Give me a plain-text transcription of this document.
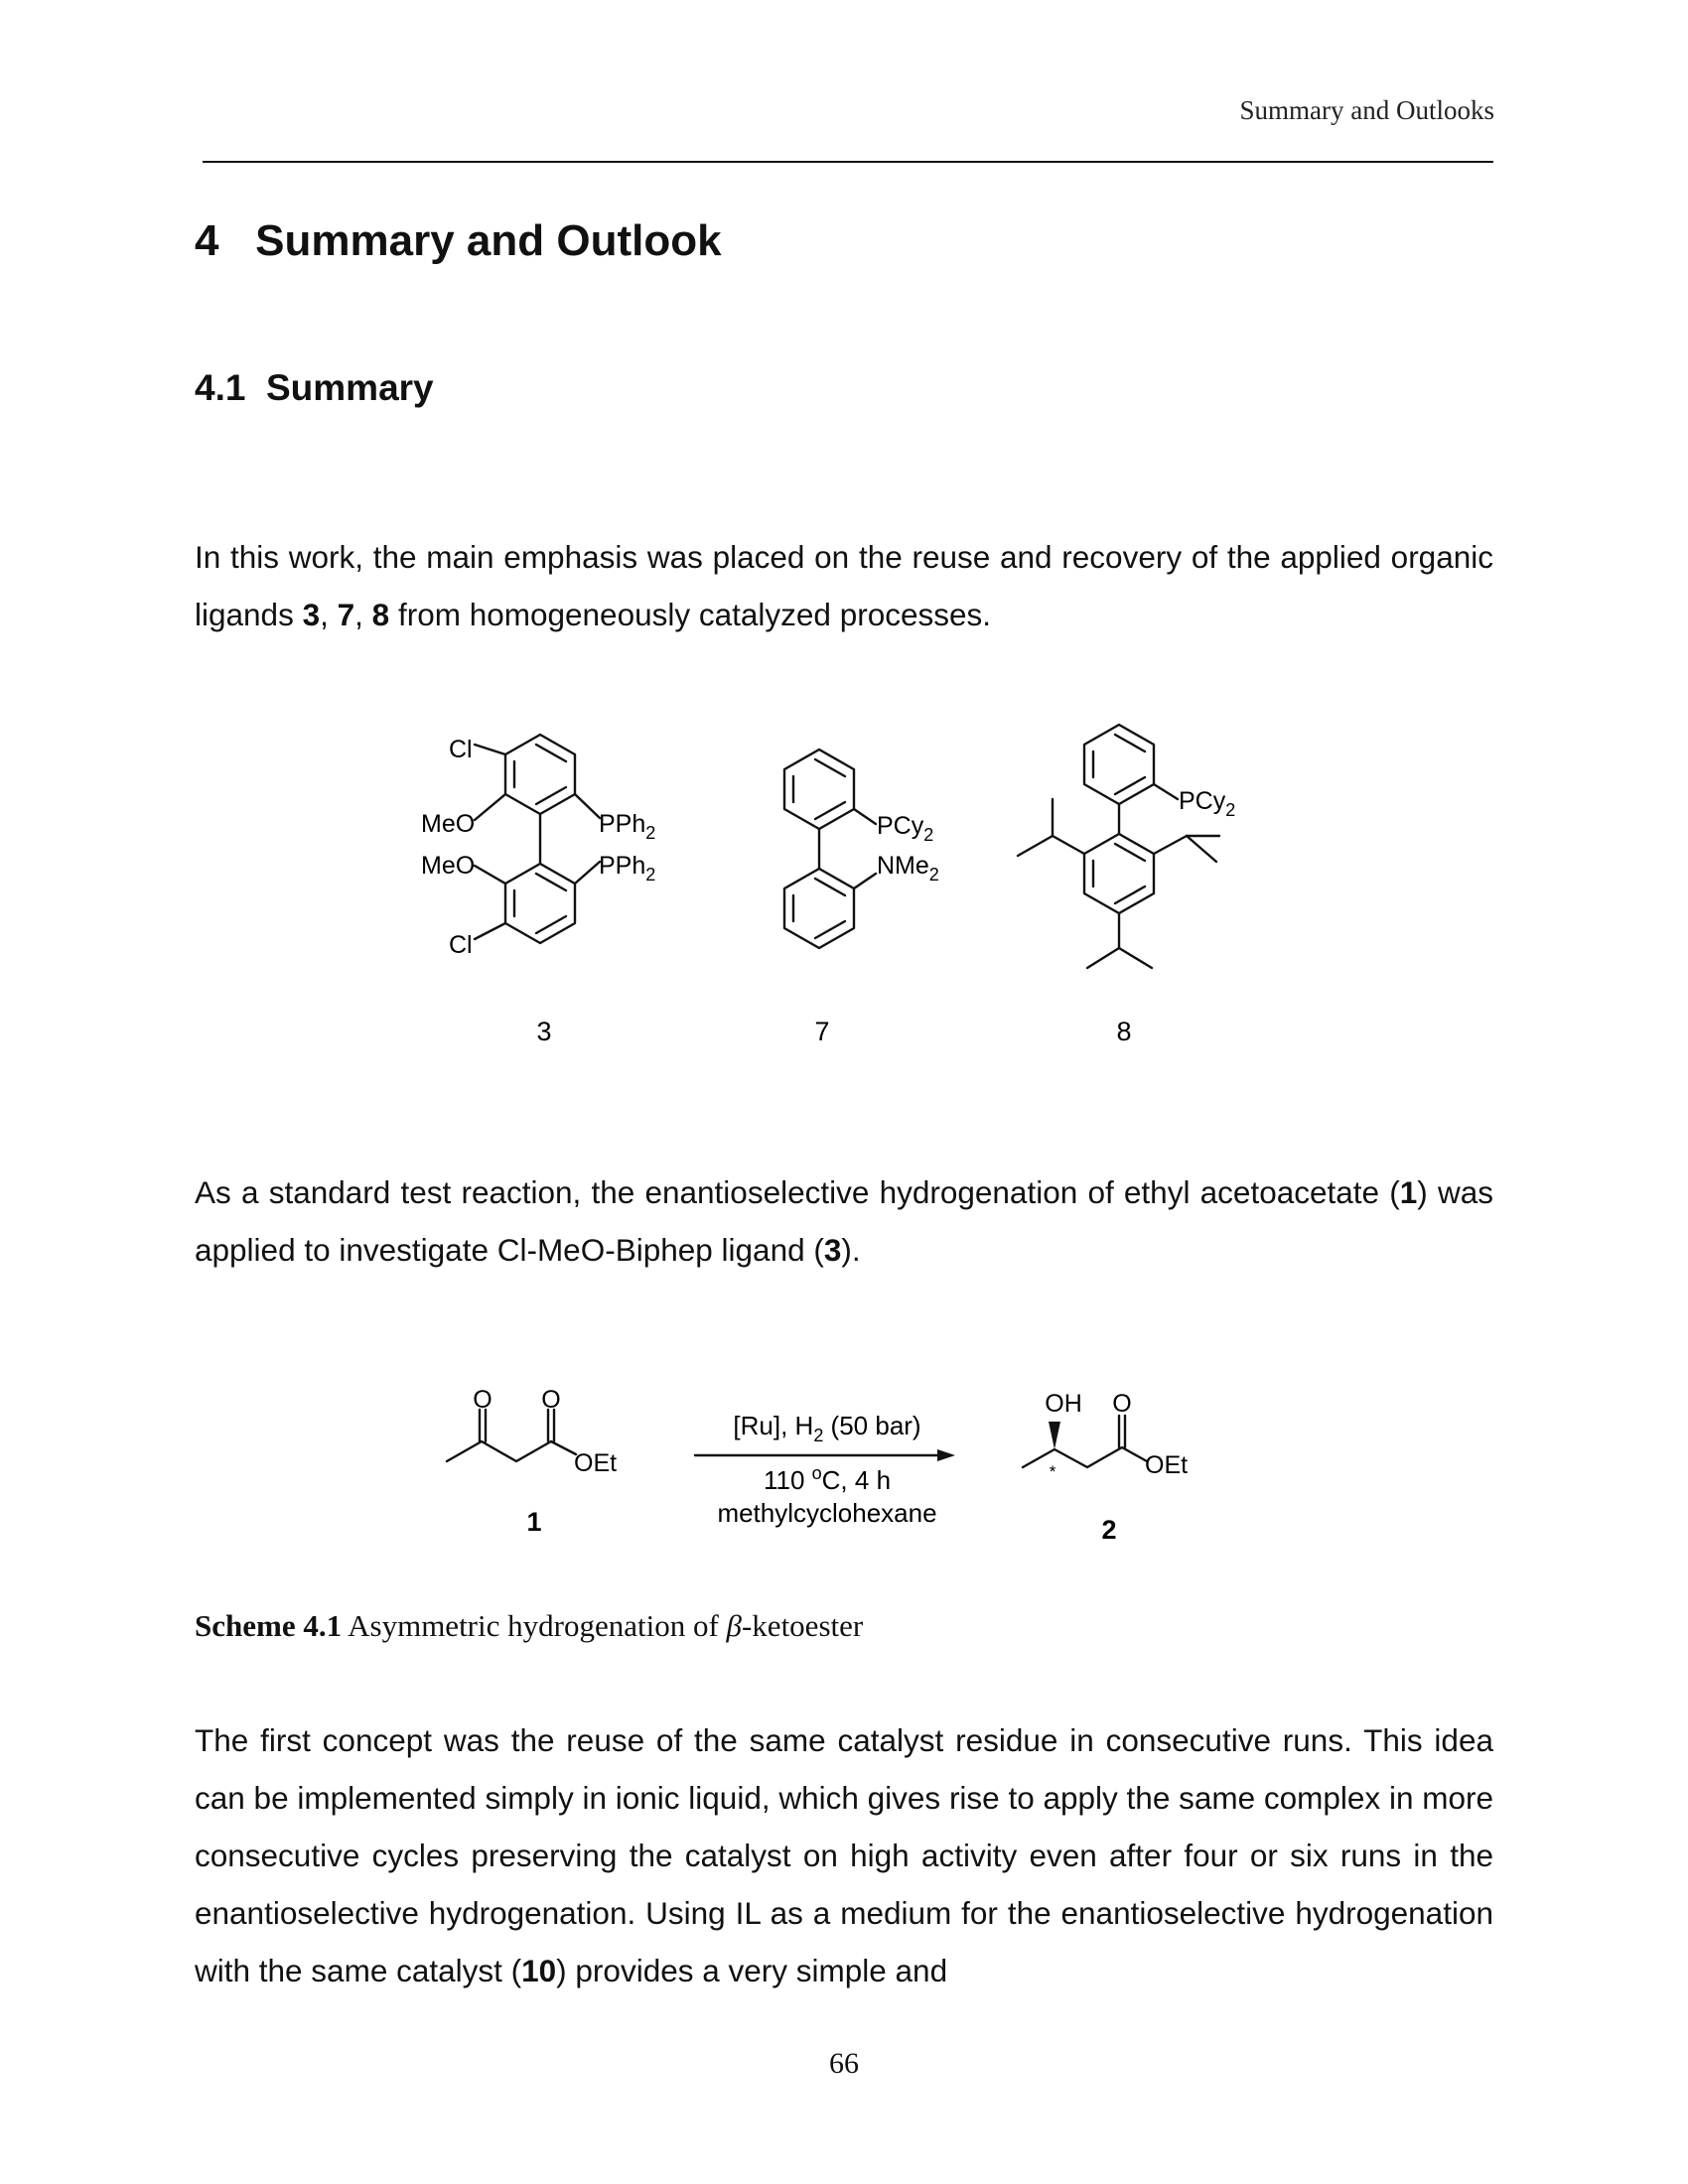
Summary and Outlooks
4 Summary and Outlook
4.1 Summary
In this work, the main emphasis was placed on the reuse and recovery of the applied organic ligands 3, 7, 8 from homogeneously catalyzed processes.
Cl
MeO
MeO
Cl
PPh$_2$
PPh$_2$
3
PCy$_2$
NMe$_2$
7
PCy$_2$
8
As a standard test reaction, the enantioselective hydrogenation of ethyl acetoacetate (1) was applied to investigate Cl-MeO-Biphep ligand (3).
O O
OEt
1
[Ru], $H_2$ (50 bar)
110 $^o$C, 4 h
methylcyclohexane
OH O
*	OEt
2
Scheme 4.1 Asymmetric hydrogenation of β-ketoester
The first concept was the reuse of the same catalyst residue in consecutive runs. This idea can be implemented simply in ionic liquid, which gives rise to apply the same complex in more consecutive cycles preserving the catalyst on high activity even after four or six runs in the enantioselective hydrogenation. Using IL as a medium for the enantioselective hydrogenation with the same catalyst (10) provides a very simple and
66
